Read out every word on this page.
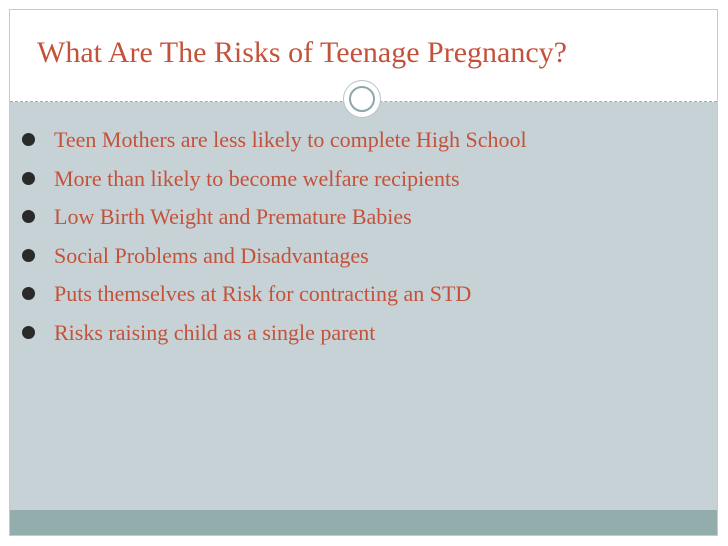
What Are The Risks of Teenage Pregnancy?
Teen Mothers are less likely to complete High School
More than likely to become welfare recipients
Low Birth Weight and Premature Babies
Social Problems and Disadvantages
Puts themselves at Risk for contracting an STD
Risks raising child as a single parent
